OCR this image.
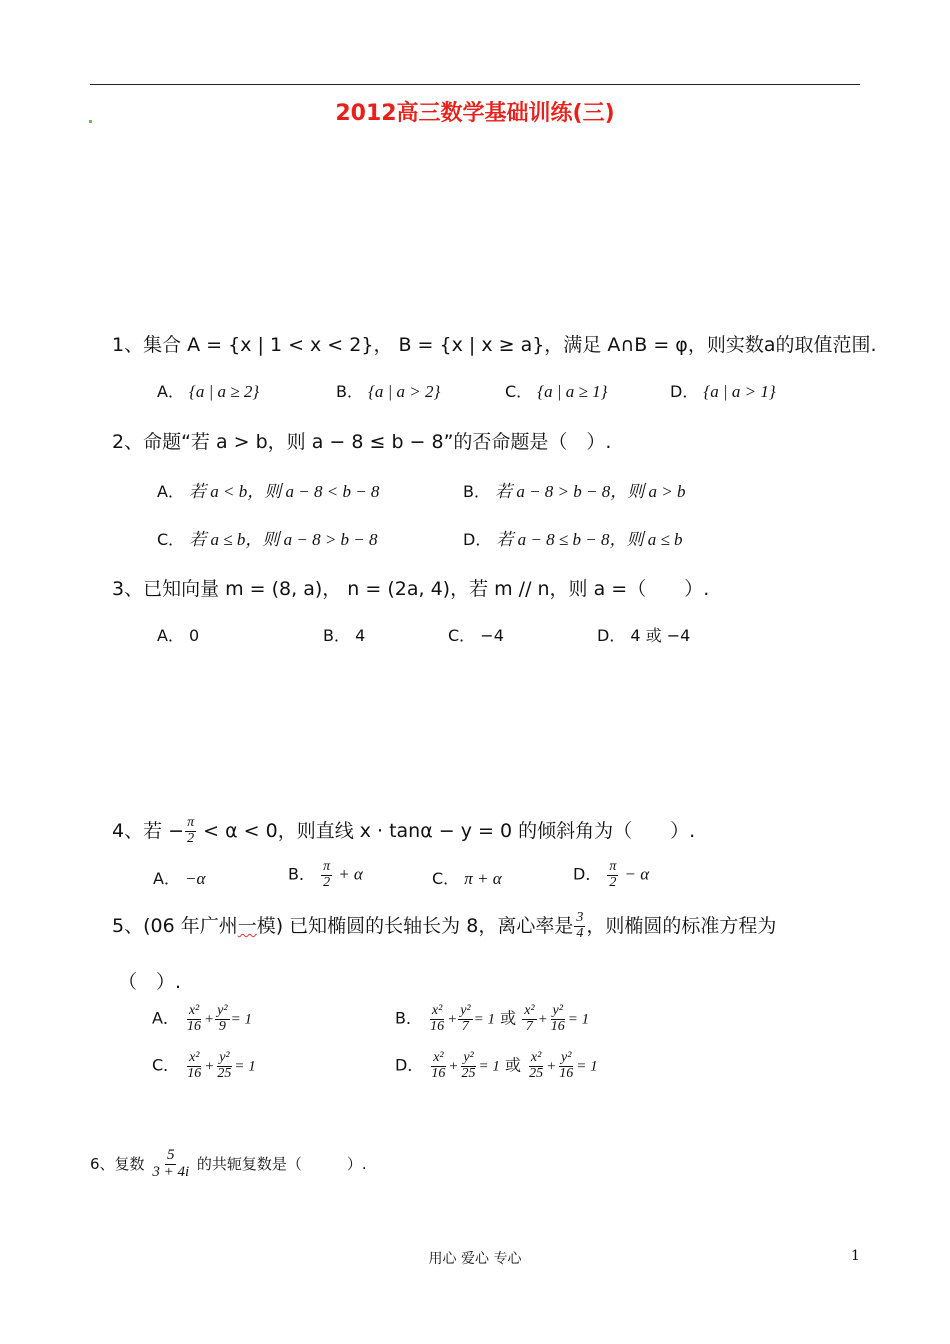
2012高三数学基础训练(三)
1、集合 A = {x | 1 < x < 2}， B = {x | x ≥ a}，满足 A∩B = φ，则实数a的取值范围.
A． {a | a ≥ 2}	B． {a | a > 2}	C． {a | a ≥ 1}	D． {a | a > 1}
2、命题“若 a > b，则 a − 8 ≤ b − 8”的否命题是（　）.
A． 若 a < b，则 a − 8 < b − 8	B． 若 a − 8 > b − 8，则 a > b
C． 若 a ≤ b，则 a − 8 > b − 8	D． 若 a − 8 ≤ b − 8，则 a ≤ b
3、已知向量 m = (8, a)， n = (2a, 4)，若 m // n，则 a =（　　）.
A． 0	B． 4	C． −4	D． 4 或 −4
4、若 − $\frac{\pi}{2} < \alpha < 0$，则直线 x · tanα − y = 0 的倾斜角为（　　）.
A． −α	B． $\frac{\pi}{2} + \alpha$	C． π + α	D． $\frac{\pi}{2} - \alpha$
5、(06 年广州一模) 已知椭圆的长轴长为 8，离心率是 $\frac{3}{4}$ ，则椭圆的标准方程为
（　）.
A． $\frac{\text{x²}}{16} + \frac{\text{y²}}{9} = 1$	B． $\frac{\text{x²}}{16} + \frac{\text{y²}}{7} = 1$ 或 $\frac{\text{x²}}{7} + \frac{\text{y²}}{16} = 1$
C． $\frac{\text{x²}}{16} + \frac{\text{y²}}{25} = 1$	D． $\frac{\text{x²}}{16} + \frac{\text{y²}}{25} = 1$ 或 $\frac{\text{x²}}{25} + \frac{\text{y²}}{16} = 1$
6、复数 $\frac{5}{3 + 4i}$ 的共轭复数是（　　　）.
用心 爱心 专心	1
